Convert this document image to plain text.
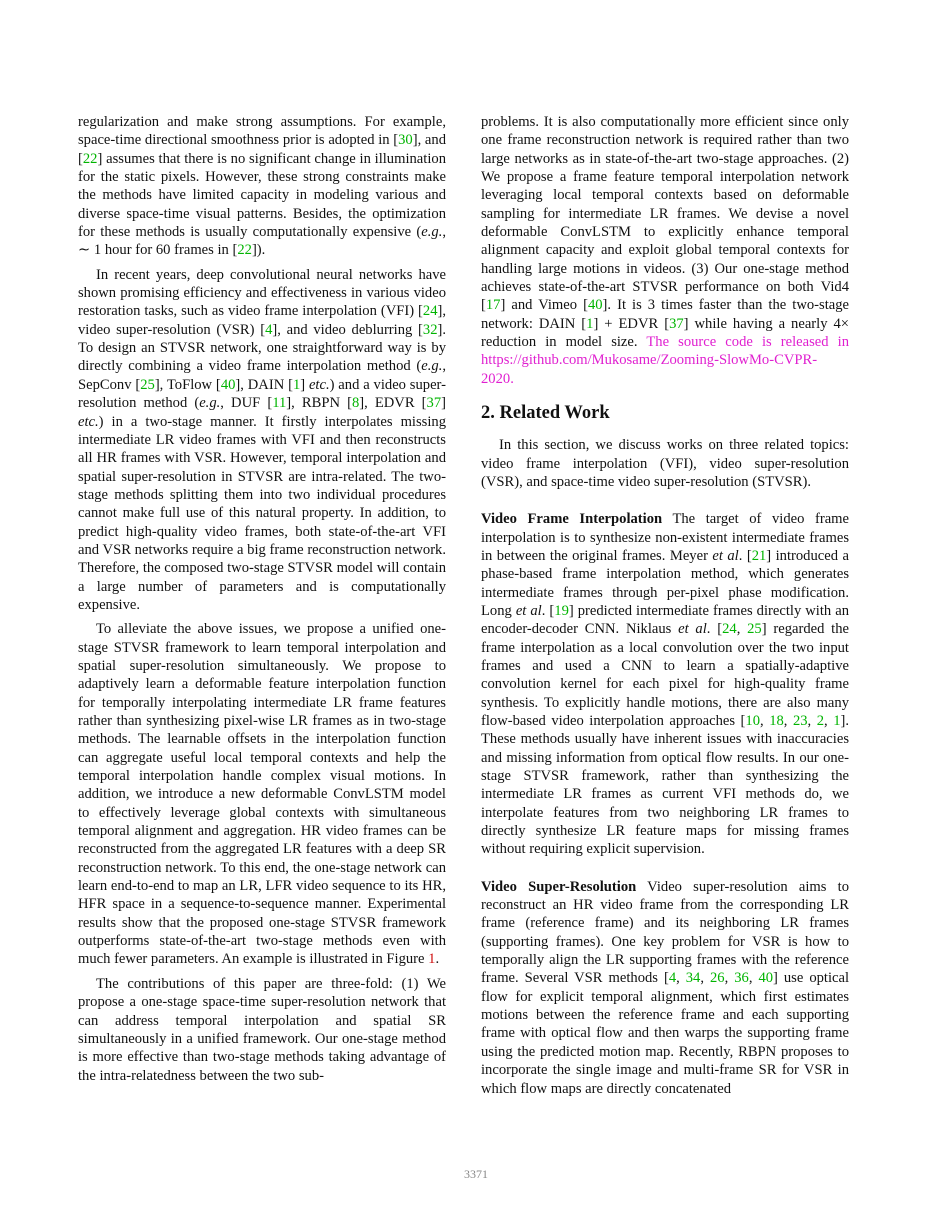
regularization and make strong assumptions. For example, space-time directional smoothness prior is adopted in [30], and [22] assumes that there is no significant change in illumination for the static pixels. However, these strong constraints make the methods have limited capacity in modeling various and diverse space-time visual patterns. Besides, the optimization for these methods is usually computationally expensive (e.g., ∼ 1 hour for 60 frames in [22]).

In recent years, deep convolutional neural networks have shown promising efficiency and effectiveness in various video restoration tasks, such as video frame interpolation (VFI) [24], video super-resolution (VSR) [4], and video deblurring [32]. To design an STVSR network, one straightforward way is by directly combining a video frame interpolation method (e.g., SepConv [25], ToFlow [40], DAIN [1] etc.) and a video super-resolution method (e.g., DUF [11], RBPN [8], EDVR [37] etc.) in a two-stage manner. It firstly interpolates missing intermediate LR video frames with VFI and then reconstructs all HR frames with VSR. However, temporal interpolation and spatial super-resolution in STVSR are intra-related. The two-stage methods splitting them into two individual procedures cannot make full use of this natural property. In addition, to predict high-quality video frames, both state-of-the-art VFI and VSR networks require a big frame reconstruction network. Therefore, the composed two-stage STVSR model will contain a large number of parameters and is computationally expensive.

To alleviate the above issues, we propose a unified one-stage STVSR framework to learn temporal interpolation and spatial super-resolution simultaneously. We propose to adaptively learn a deformable feature interpolation function for temporally interpolating intermediate LR frame features rather than synthesizing pixel-wise LR frames as in two-stage methods. The learnable offsets in the interpolation function can aggregate useful local temporal contexts and help the temporal interpolation handle complex visual motions. In addition, we introduce a new deformable ConvLSTM model to effectively leverage global contexts with simultaneous temporal alignment and aggregation. HR video frames can be reconstructed from the aggregated LR features with a deep SR reconstruction network. To this end, the one-stage network can learn end-to-end to map an LR, LFR video sequence to its HR, HFR space in a sequence-to-sequence manner. Experimental results show that the proposed one-stage STVSR framework outperforms state-of-the-art two-stage methods even with much fewer parameters. An example is illustrated in Figure 1.

The contributions of this paper are three-fold: (1) We propose a one-stage space-time super-resolution network that can address temporal interpolation and spatial SR simultaneously in a unified framework. Our one-stage method is more effective than two-stage methods taking advantage of the intra-relatedness between the two sub-

problems. It is also computationally more efficient since only one frame reconstruction network is required rather than two large networks as in state-of-the-art two-stage approaches. (2) We propose a frame feature temporal interpolation network leveraging local temporal contexts based on deformable sampling for intermediate LR frames. We devise a novel deformable ConvLSTM to explicitly enhance temporal alignment capacity and exploit global temporal contexts for handling large motions in videos. (3) Our one-stage method achieves state-of-the-art STVSR performance on both Vid4 [17] and Vimeo [40]. It is 3 times faster than the two-stage network: DAIN [1] + EDVR [37] while having a nearly 4× reduction in model size. The source code is released in https://github.com/Mukosame/Zooming-SlowMo-CVPR-2020.

2. Related Work

In this section, we discuss works on three related topics: video frame interpolation (VFI), video super-resolution (VSR), and space-time video super-resolution (STVSR).

Video Frame Interpolation The target of video frame interpolation is to synthesize non-existent intermediate frames in between the original frames. Meyer et al. [21] introduced a phase-based frame interpolation method, which generates intermediate frames through per-pixel phase modification. Long et al. [19] predicted intermediate frames directly with an encoder-decoder CNN. Niklaus et al. [24, 25] regarded the frame interpolation as a local convolution over the two input frames and used a CNN to learn a spatially-adaptive convolution kernel for each pixel for high-quality frame synthesis. To explicitly handle motions, there are also many flow-based video interpolation approaches [10, 18, 23, 2, 1]. These methods usually have inherent issues with inaccuracies and missing information from optical flow results. In our one-stage STVSR framework, rather than synthesizing the intermediate LR frames as current VFI methods do, we interpolate features from two neighboring LR frames to directly synthesize LR feature maps for missing frames without requiring explicit supervision.

Video Super-Resolution Video super-resolution aims to reconstruct an HR video frame from the corresponding LR frame (reference frame) and its neighboring LR frames (supporting frames). One key problem for VSR is how to temporally align the LR supporting frames with the reference frame. Several VSR methods [4, 34, 26, 36, 40] use optical flow for explicit temporal alignment, which first estimates motions between the reference frame and each supporting frame with optical flow and then warps the supporting frame using the predicted motion map. Recently, RBPN proposes to incorporate the single image and multi-frame SR for VSR in which flow maps are directly concatenated

3371
